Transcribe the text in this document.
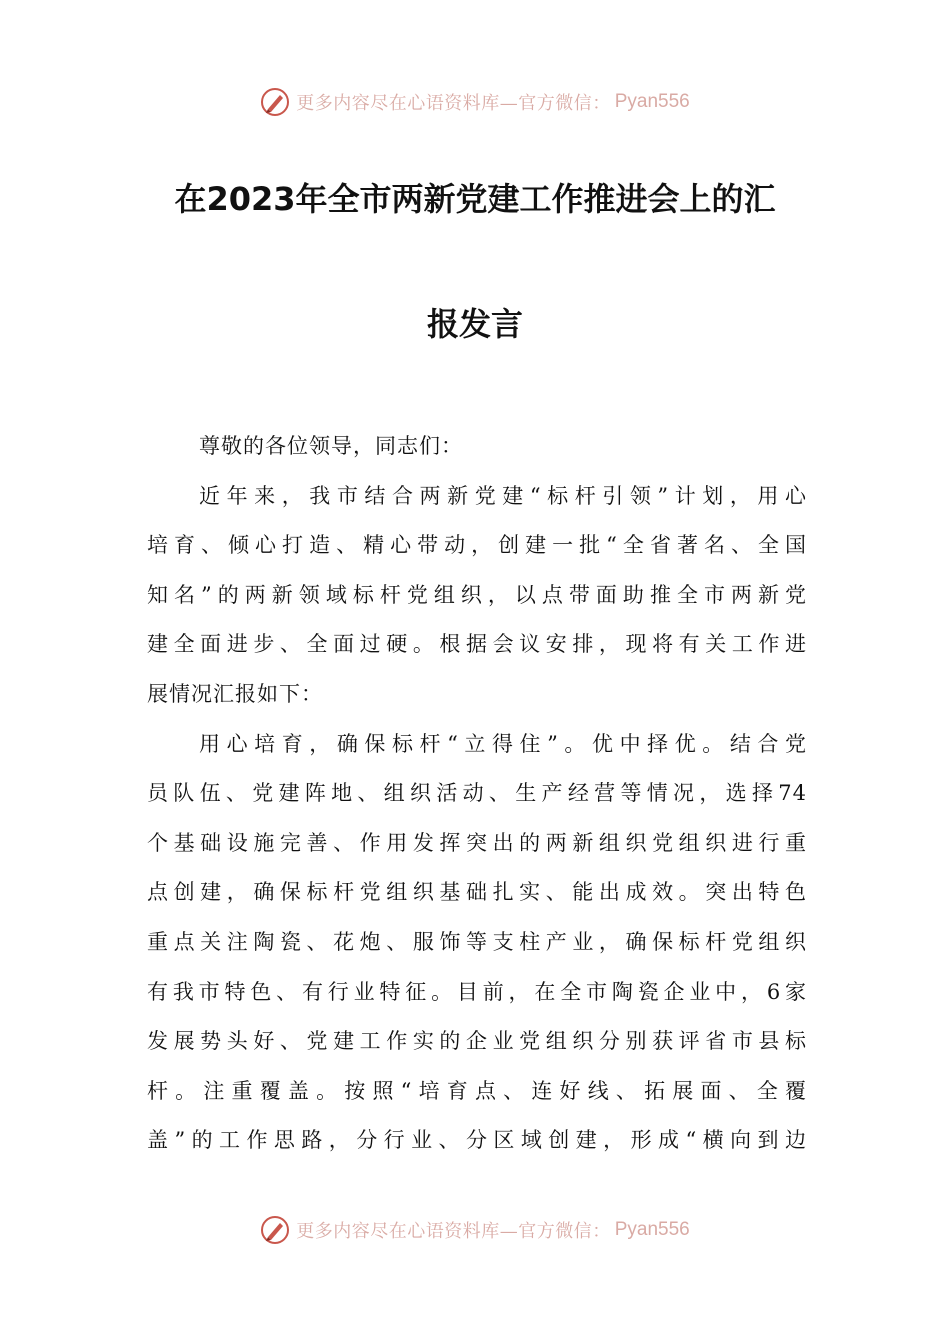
更多内容尽在心语资料库—官方微信： Pyan556
在2023年全市两新党建工作推进会上的汇
报发言
尊敬的各位领导，同志们：
近年来，我市结合两新党建“标杆引领”计划，用心
培育、倾心打造、精心带动，创建一批“全省著名、全国
知名”的两新领域标杆党组织，以点带面助推全市两新党
建全面进步、全面过硬。根据会议安排，现将有关工作进
展情况汇报如下：
用心培育，确保标杆“立得住”。优中择优。结合党
员队伍、党建阵地、组织活动、生产经营等情况，选择74
个基础设施完善、作用发挥突出的两新组织党组织进行重
点创建，确保标杆党组织基础扎实、能出成效。突出特色
重点关注陶瓷、花炮、服饰等支柱产业，确保标杆党组织
有我市特色、有行业特征。目前，在全市陶瓷企业中，6家
发展势头好、党建工作实的企业党组织分别获评省市县标
杆。注重覆盖。按照“培育点、连好线、拓展面、全覆
盖”的工作思路，分行业、分区域创建，形成“横向到边
更多内容尽在心语资料库—官方微信： Pyan556
